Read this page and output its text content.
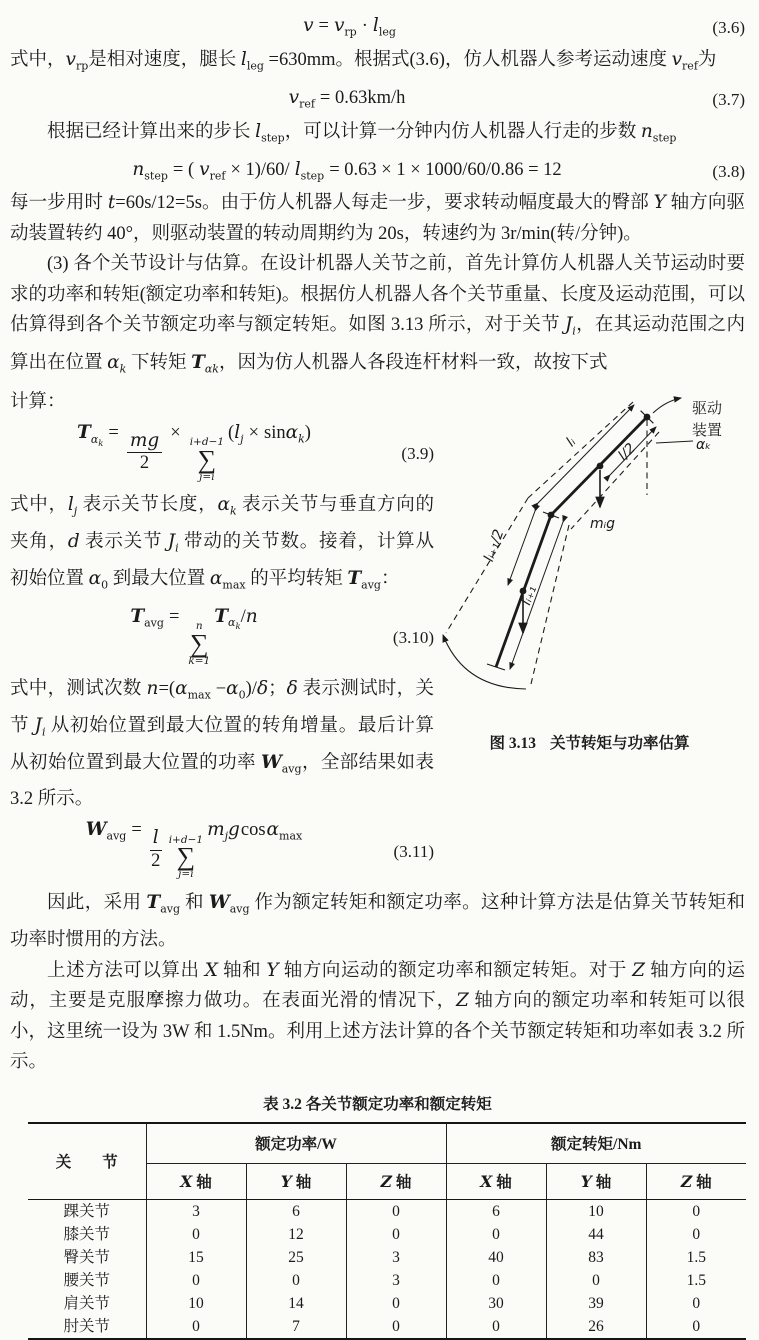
$v = v_{rp} \cdot l_{leg}$	(3.6)

式中，$v_{rp}$是相对速度，腿长 $l_{leg} =630mm$。根据式(3.6)，仿人机器人参考运动速度 $v_{ref}$为

$v_{ref} = 0.63km/h$	(3.7)

根据已经计算出来的步长 $l_{step}$，可以计算一分钟内仿人机器人行走的步数 $n_{step}$

$n_{step}$ = ( $v_{ref} \times 1)/60/$ $l_{step} = 0.63 \times 1 \times 1000/60/0.86 = 12$	(3.8)

每一步用时 t=60s/12=5s。由于仿人机器人每走一步，要求转动幅度最大的臀部 Y 轴方向驱动装置转约 40°，则驱动装置的转动周期约为 20s，转速约为 3r/min(转/分钟)。

(3) 各个关节设计与估算。在设计机器人关节之前，首先计算仿人机器人关节运动时要求的功率和转矩(额定功率和转矩)。根据仿人机器人各个关节重量、长度及运动范围，可以估算得到各个关节额定功率与额定转矩。如图 3.13 所示，对于关节 $J_i$，在其运动范围之内算出在位置 $\alpha_k$ 下转矩 $T_{\alpha k}$，因为仿人机器人各段连杆材料一致，故按下式

计算：

$T_{\alpha_k}= \frac{mg}{2} \times i+d-1$
∑
j=i
$(l_j \times \sin\alpha_k)$
(3.9)

式中，$l_j$ 表示关节长度，$\alpha_k$ 表示关节与垂直方向的夹角，d 表示关节 $J_i$ 带动的关节数。接着，计算从初始位置 $\alpha_0$ 到最大位置 $\alpha_{max}$ 的平均转矩 $T_{avg}$：

$T_{avg} = n$
∑
k=1
$T_{\alpha_k}/n$
(3.10)

式中，测试次数 $n=(\alpha_{max} -\alpha_0)/\delta$；δ 表示测试时，关节 $J_i$ 从初始位置到最大位置的转角增量。最后计算从初始位置到最大位置的功率 $W_{avg}$，全部结果如表 3.2 所示。

$W_{avg} = \frac{l}{2} i+d-1$
∑
j=i
$m_jgcos\alpha_{max}$
(3.11)
驱动
装置
αₖ
lᵢ	l/2
mᵢg
lᵢ₊₁/2
lᵢ₊₁
图 3.13 关节转矩与功率估算

因此，采用 $T_{avg}$ 和 $W_{avg}$ 作为额定转矩和额定功率。这种计算方法是估算关节转矩和功率时惯用的方法。

上述方法可以算出 X 轴和 Y 轴方向运动的额定功率和额定转矩。对于 Z 轴方向的运动，主要是克服摩擦力做功。在表面光滑的情况下，Z 轴方向的额定功率和转矩可以很小，这里统一设为 3W 和 1.5Nm。利用上述方法计算的各个关节额定转矩和功率如表 3.2 所示。

表 3.2 各关节额定功率和额定转矩
关　　节	额定功率/W			额定转矩/Nm		
	X 轴	Y 轴	Z 轴	X 轴	Y 轴	Z 轴
踝关节	3	6	0	6	10	0
膝关节	0	12	0	0	44	0
臀关节	15	25	3	40	83	1.5
腰关节	0	0	3	0	0	1.5
肩关节	10	14	0	30	39	0
肘关节	0	7	0	0	26	0
